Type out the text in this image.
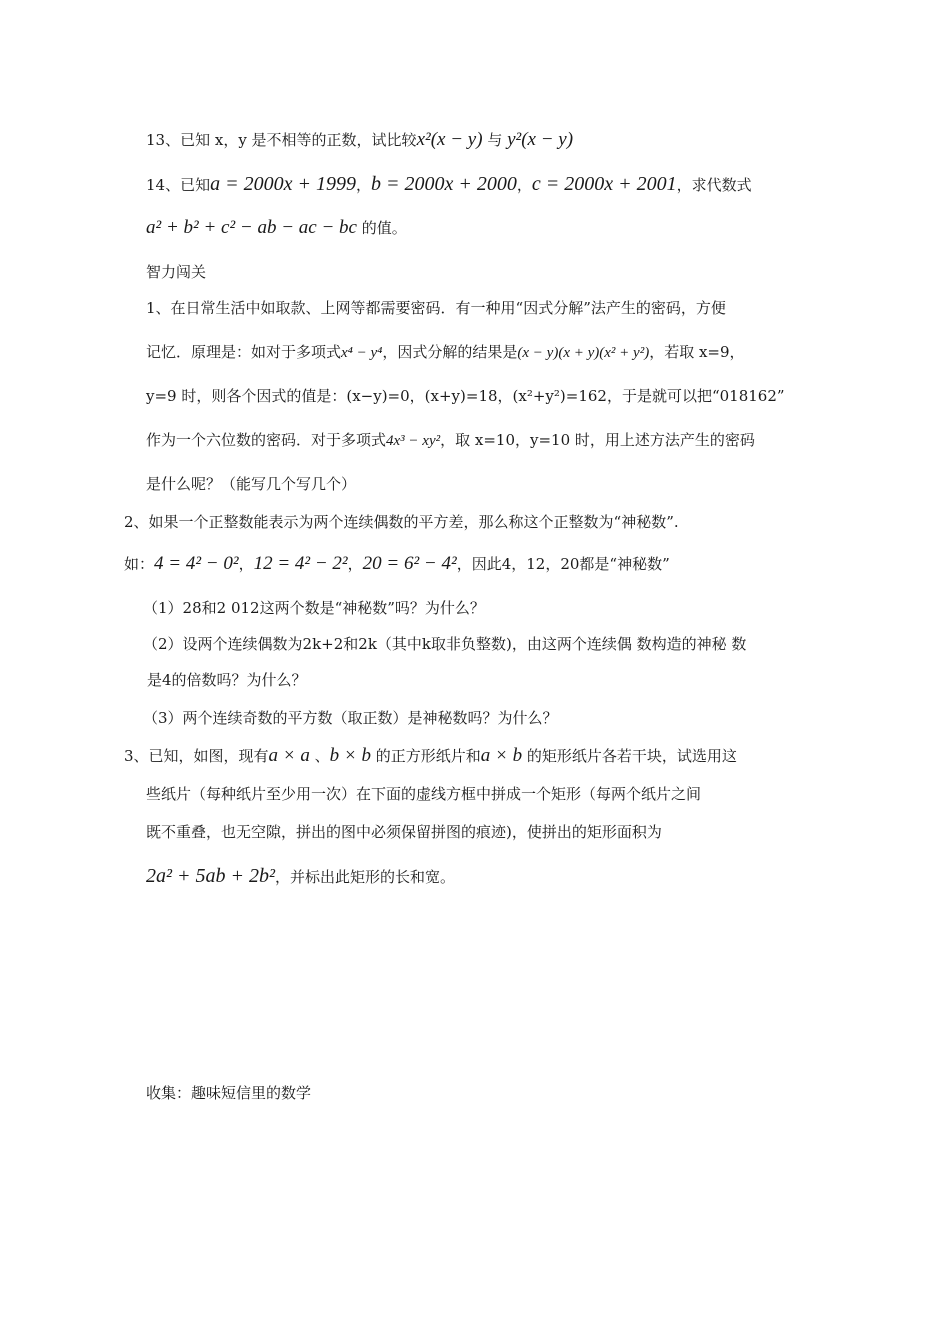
13、已知 x，y 是不相等的正数，试比较x²(x − y) 与 y²(x − y)
14、已知a = 2000x + 1999，b = 2000x + 2000，c = 2000x + 2001，求代数式
a² + b² + c² − ab − ac − bc 的值。
智力闯关
1、在日常生活中如取款、上网等都需要密码．有一种用“因式分解”法产生的密码，方便
记忆．原理是：如对于多项式x⁴ − y⁴，因式分解的结果是(x − y)(x + y)(x² + y²)，若取 x=9，
y=9 时，则各个因式的值是：(x−y)=0，(x+y)=18，(x²+y²)=162，于是就可以把“018162”
作为一个六位数的密码．对于多项式4x³ − xy²，取 x=10，y=10 时，用上述方法产生的密码
是什么呢？（能写几个写几个）
2、如果一个正整数能表示为两个连续偶数的平方差，那么称这个正整数为“神秘数”.
如：4 = 4² − 0²，12 = 4² − 2²，20 = 6² − 4²，因此4，12，20都是“神秘数”
（1）28和2 012这两个数是“神秘数”吗？为什么？
（2）设两个连续偶数为2k+2和2k（其中k取非负整数)，由这两个连续偶 数构造的神秘 数
是4的倍数吗？为什么？
（3）两个连续奇数的平方数（取正数）是神秘数吗？为什么？
3、已知，如图，现有a × a 、b × b 的正方形纸片和a × b 的矩形纸片各若干块，试选用这
些纸片（每种纸片至少用一次）在下面的虚线方框中拼成一个矩形（每两个纸片之间
既不重叠，也无空隙，拼出的图中必须保留拼图的痕迹)，使拼出的矩形面积为
2a² + 5ab + 2b²，并标出此矩形的长和宽。
收集：趣味短信里的数学
